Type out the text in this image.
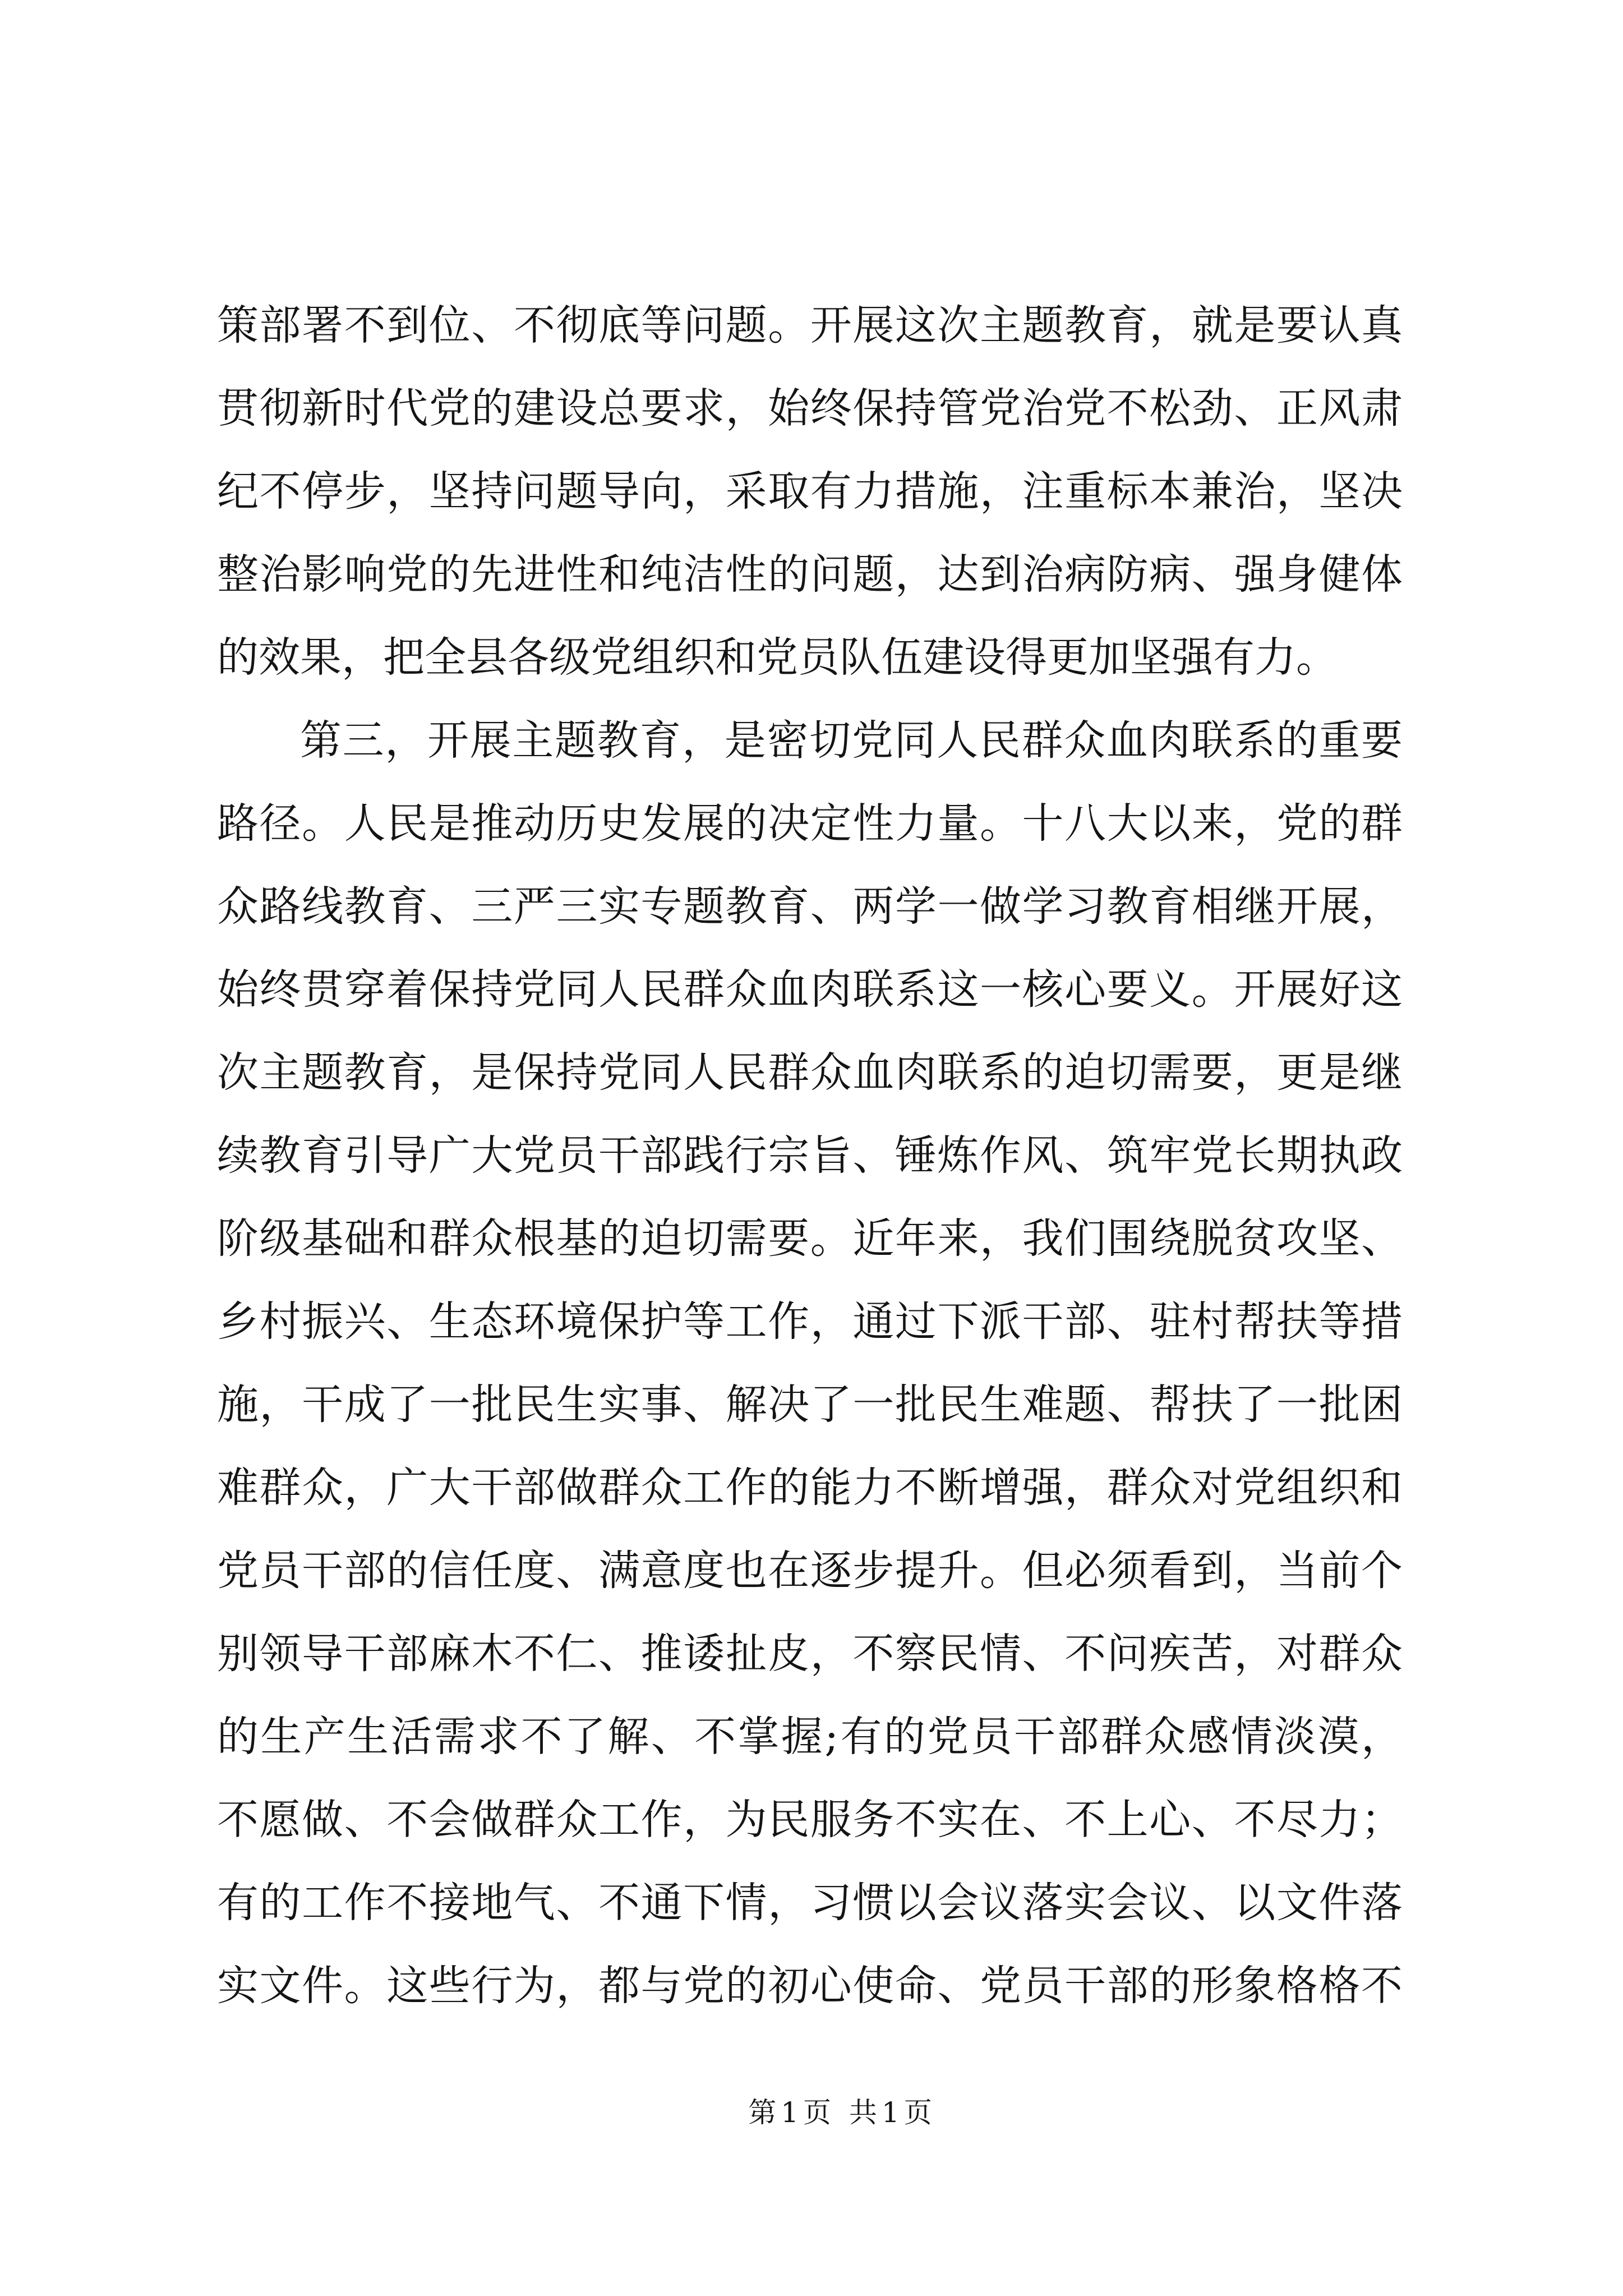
策部署不到位、不彻底等问题。开展这次主题教育，就是要认真
贯彻新时代党的建设总要求，始终保持管党治党不松劲、正风肃
纪不停步，坚持问题导向，采取有力措施，注重标本兼治，坚决
整治影响党的先进性和纯洁性的问题，达到治病防病、强身健体
的效果，把全县各级党组织和党员队伍建设得更加坚强有力。
第三，开展主题教育，是密切党同人民群众血肉联系的重要
路径。人民是推动历史发展的决定性力量。十八大以来，党的群
众路线教育、三严三实专题教育、两学一做学习教育相继开展，
始终贯穿着保持党同人民群众血肉联系这一核心要义。开展好这
次主题教育，是保持党同人民群众血肉联系的迫切需要，更是继
续教育引导广大党员干部践行宗旨、锤炼作风、筑牢党长期执政
阶级基础和群众根基的迫切需要。近年来，我们围绕脱贫攻坚、
乡村振兴、生态环境保护等工作，通过下派干部、驻村帮扶等措
施，干成了一批民生实事、解决了一批民生难题、帮扶了一批困
难群众，广大干部做群众工作的能力不断增强，群众对党组织和
党员干部的信任度、满意度也在逐步提升。但必须看到，当前个
别领导干部麻木不仁、推诿扯皮，不察民情、不问疾苦，对群众
的生产生活需求不了解、不掌握;有的党员干部群众感情淡漠，
不愿做、不会做群众工作，为民服务不实在、不上心、不尽力；
有的工作不接地气、不通下情，习惯以会议落实会议、以文件落
实文件。这些行为，都与党的初心使命、党员干部的形象格格不
第1页 共1页
